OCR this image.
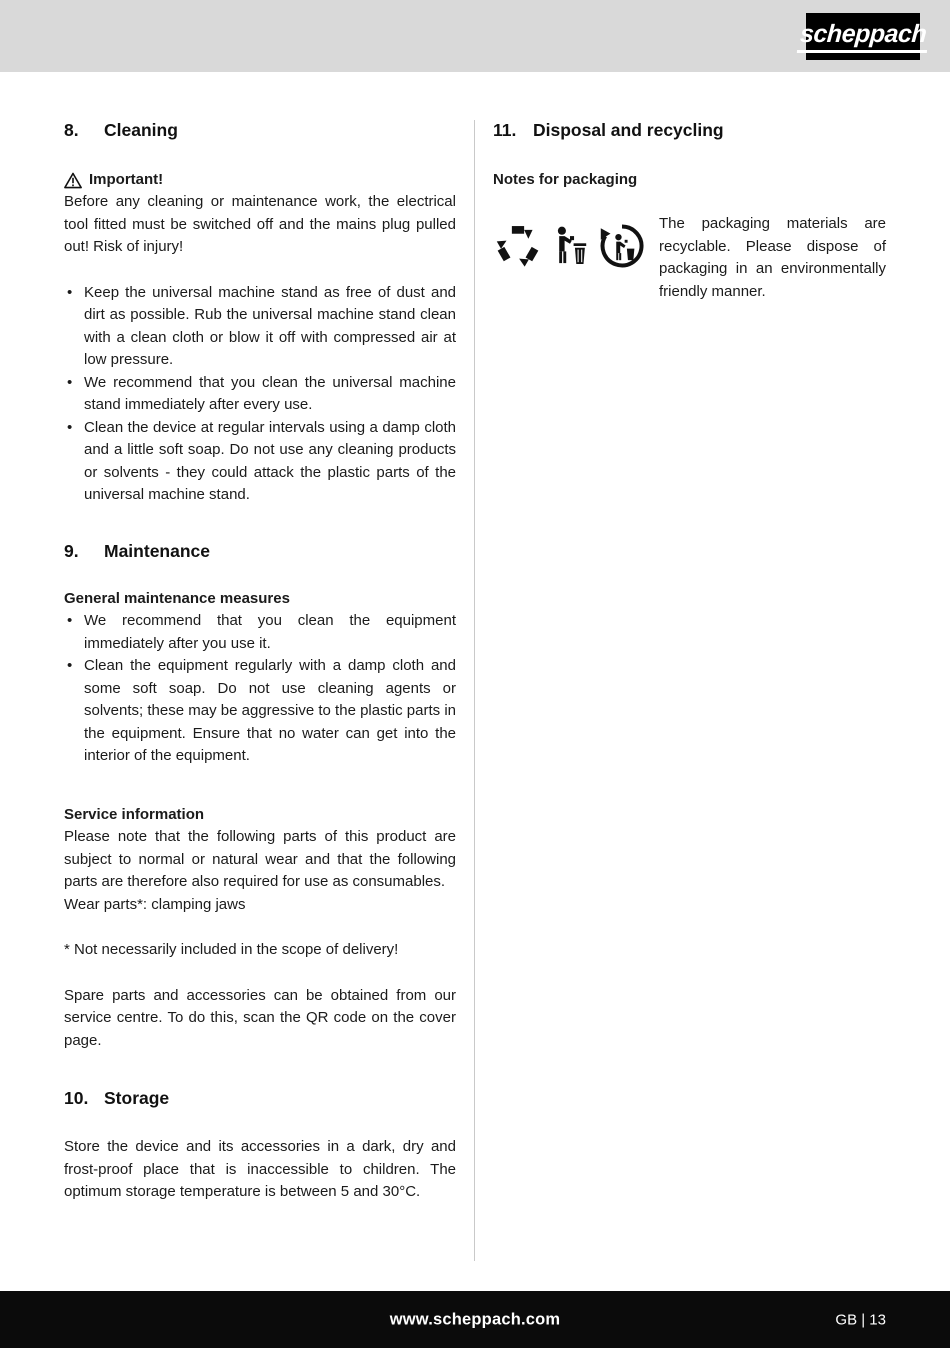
scheppach
8.	Cleaning
Important!
Before any cleaning or maintenance work, the electrical tool fitted must be switched off and the mains plug pulled out! Risk of injury!
• Keep the universal machine stand as free of dust and dirt as possible. Rub the universal machine stand clean with a clean cloth or blow it off with compressed air at low pressure.
• We recommend that you clean the universal machine stand immediately after every use.
• Clean the device at regular intervals using a damp cloth and a little soft soap. Do not use any cleaning products or solvents - they could attack the plastic parts of the universal machine stand.
9.	Maintenance
General maintenance measures
• We recommend that you clean the equipment immediately after you use it.
• Clean the equipment regularly with a damp cloth and some soft soap. Do not use cleaning agents or solvents; these may be aggressive to the plastic parts in the equipment. Ensure that no water can get into the interior of the equipment.
Service information
Please note that the following parts of this product are subject to normal or natural wear and that the following parts are therefore also required for use as consumables.
Wear parts*: clamping jaws
* Not necessarily included in the scope of delivery!
Spare parts and accessories can be obtained from our service centre. To do this, scan the QR code on the cover page.
10. Storage
Store the device and its accessories in a dark, dry and frost-proof place that is inaccessible to children. The optimum storage temperature is between 5 and 30°C.
11. Disposal and recycling
Notes for packaging
The packaging materials are recyclable. Please dispose of packaging in an environmentally friendly manner.
www.scheppach.com	GB | 13
